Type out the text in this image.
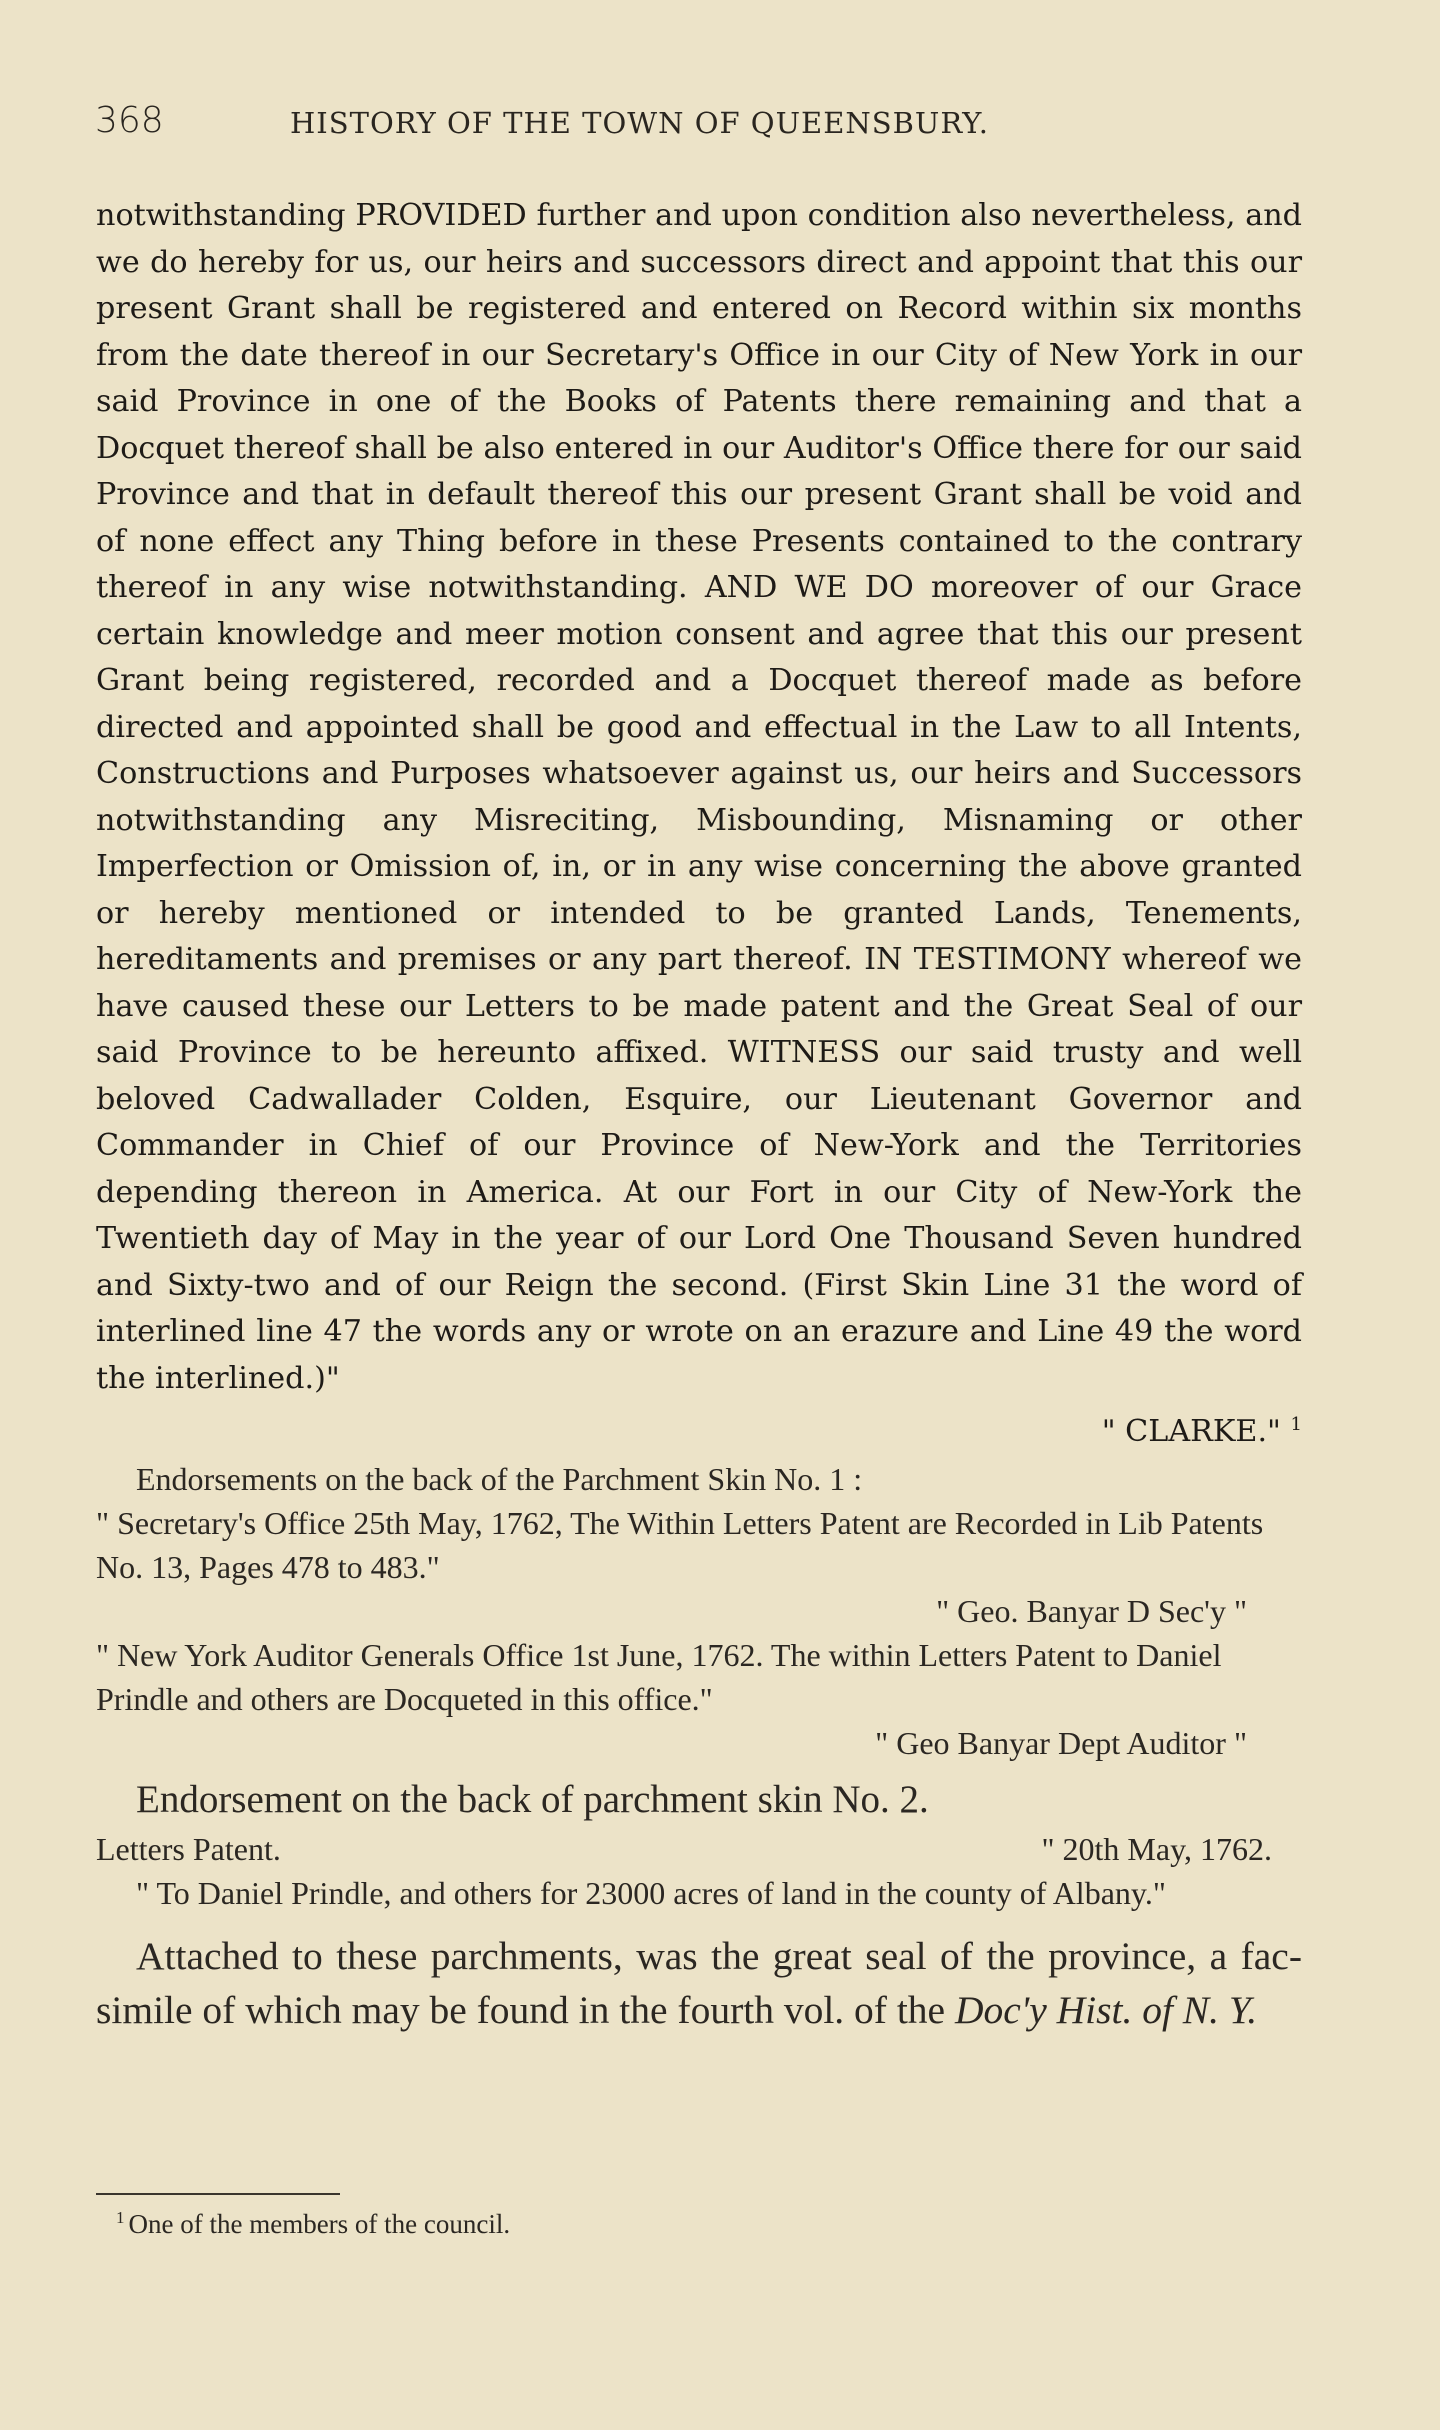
368	HISTORY OF THE TOWN OF QUEENSBURY.

notwithstanding PROVIDED further and upon condition also nevertheless, and we do hereby for us, our heirs and successors direct and appoint that this our present Grant shall be registered and entered on Record within six months from the date thereof in our Secretary's Office in our City of New York in our said Province in one of the Books of Patents there remaining and that a Docquet thereof shall be also entered in our Auditor's Office there for our said Province and that in default thereof this our present Grant shall be void and of none effect any Thing before in these Presents contained to the contrary thereof in any wise notwithstanding. AND WE DO moreover of our Grace certain knowledge and meer motion consent and agree that this our present Grant being registered, recorded and a Docquet thereof made as before directed and appointed shall be good and effectual in the Law to all Intents, Constructions and Purposes whatsoever against us, our heirs and Successors notwithstanding any Misreciting, Misbounding, Misnaming or other Imperfection or Omission of, in, or in any wise concerning the above granted or hereby mentioned or intended to be granted Lands, Tenements, hereditaments and premises or any part thereof. IN TESTIMONY whereof we have caused these our Letters to be made patent and the Great Seal of our said Province to be hereunto affixed. WITNESS our said trusty and well beloved Cadwallader Colden, Esquire, our Lieutenant Governor and Commander in Chief of our Province of New-York and the Territories depending thereon in America. At our Fort in our City of New-York the Twentieth day of May in the year of our Lord One Thousand Seven hundred and Sixty-two and of our Reign the second. (First Skin Line 31 the word of interlined line 47 the words any or wrote on an erazure and Line 49 the word the interlined.)"

" CLARKE." $^1$

Endorsements on the back of the Parchment Skin No. 1 :

" Secretary's Office 25th May, 1762, The Within Letters Patent are Recorded in Lib Patents No. 13, Pages 478 to 483."

" Geo. Banyar D Sec'y "

" New York Auditor Generals Office 1st June, 1762. The within Letters Patent to Daniel Prindle and others are Docqueted in this office."

" Geo Banyar Dept Auditor "

Endorsement on the back of parchment skin No. 2.

Letters Patent.	" 20th May, 1762.

" To Daniel Prindle, and others for 23000 acres of land in the county of Albany."

Attached to these parchments, was the great seal of the province, a fac-simile of which may be found in the fourth vol. of the Doc'y Hist. of N. Y.

$^1$ One of the members of the council.
